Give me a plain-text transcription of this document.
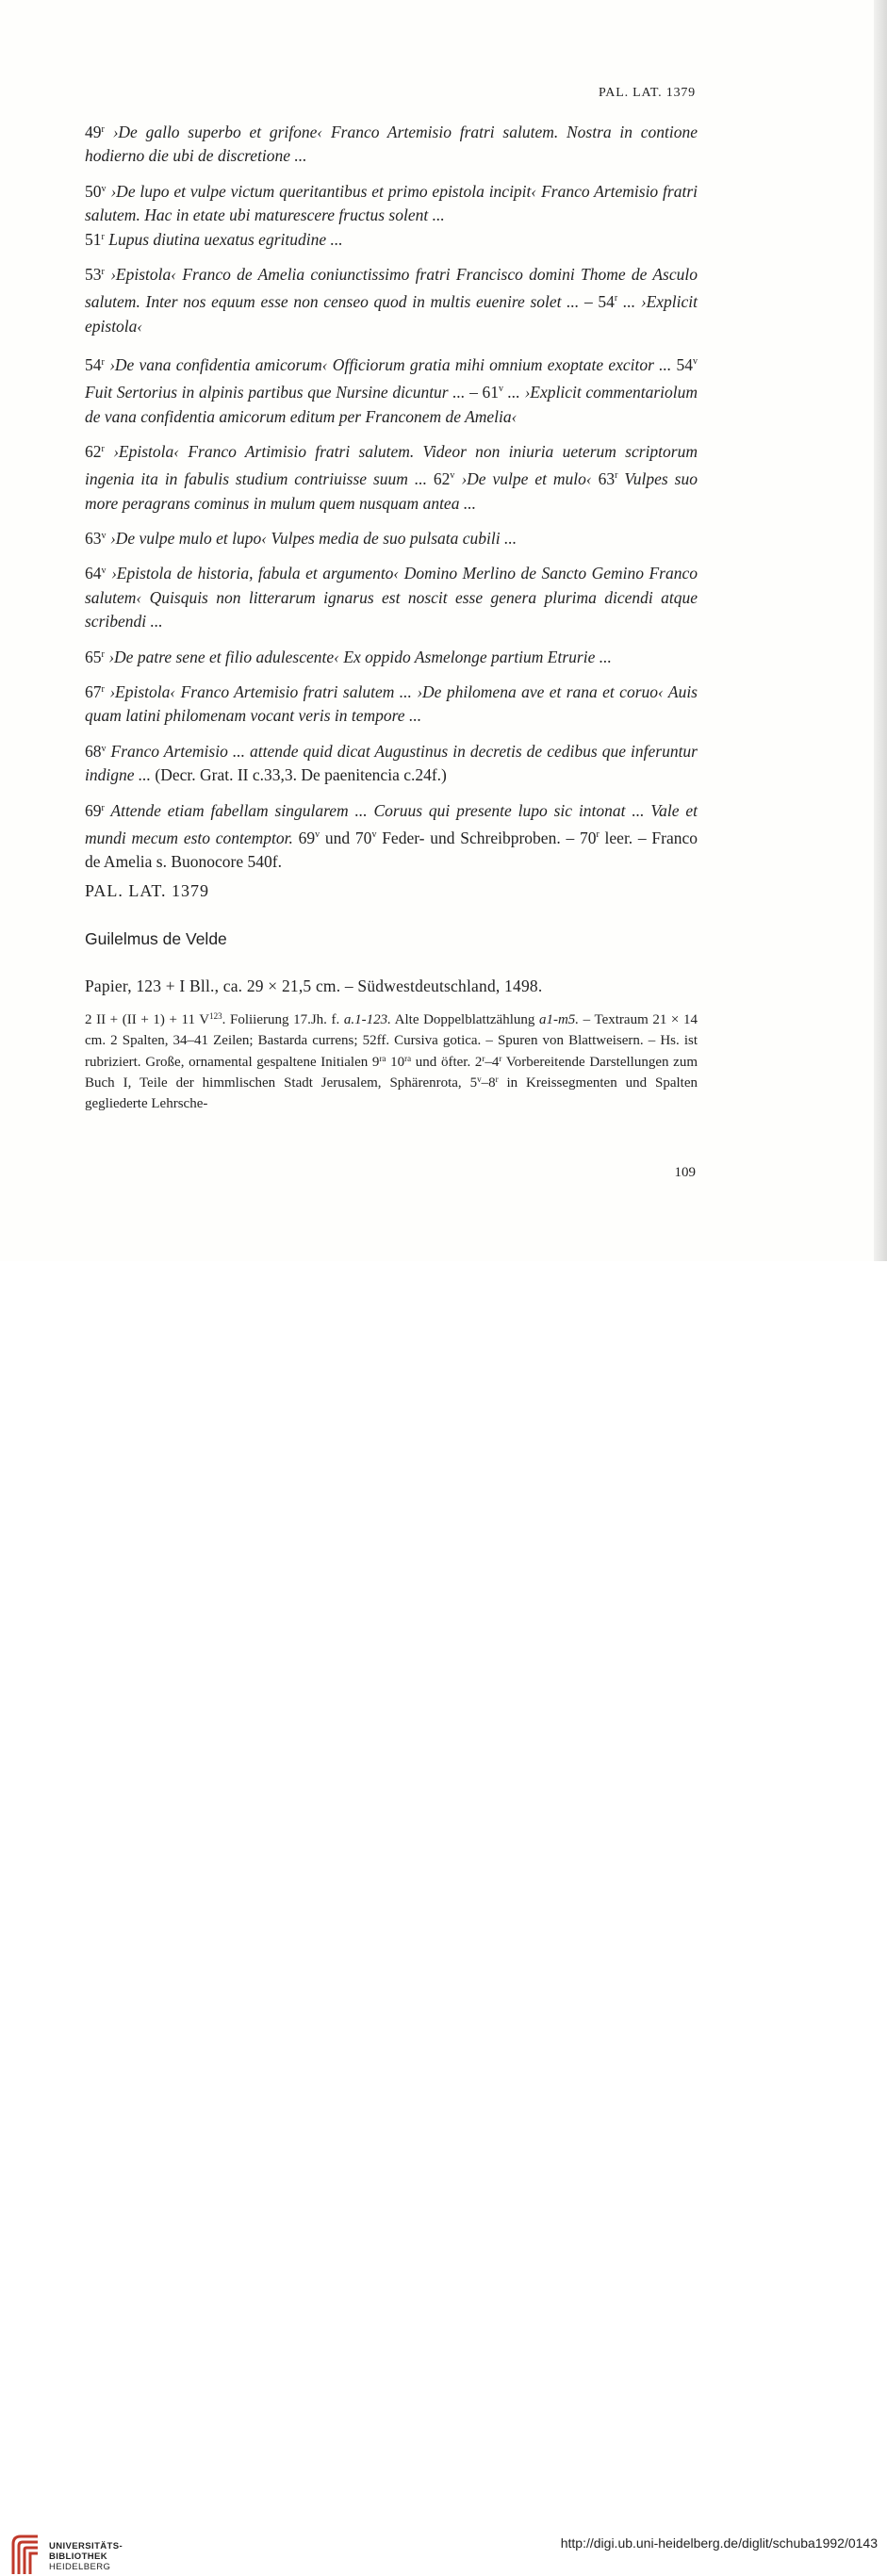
PAL. LAT. 1379

49$^r$ ›De gallo superbo et grifone‹ Franco Artemisio fratri salutem. Nostra in contione hodierno die ubi de discretione ...

50$^v$ ›De lupo et vulpe victum queritantibus et primo epistola incipit‹ Franco Artemisio fratri salutem. Hac in etate ubi maturescere fructus solent ...

51$^r$ Lupus diutina uexatus egritudine ...

53$^r$ ›Epistola‹ Franco de Amelia coniunctissimo fratri Francisco domini Thome de Asculo salutem. Inter nos equum esse non censeo quod in multis euenire solet ... – 54$^r$ ... ›Explicit epistola‹

54$^r$ ›De vana confidentia amicorum‹ Officiorum gratia mihi omnium exoptate excitor ... 54$^v$ Fuit Sertorius in alpinis partibus que Nursine dicuntur ... – 61$^v$ ... ›Explicit commentariolum de vana confidentia amicorum editum per Franconem de Amelia‹

62$^r$ ›Epistola‹ Franco Artimisio fratri salutem. Videor non iniuria ueterum scriptorum ingenia ita in fabulis studium contriuisse suum ... 62$^v$ ›De vulpe et mulo‹ 63$^r$ Vulpes suo more peragrans cominus in mulum quem nusquam antea ...

63$^v$ ›De vulpe mulo et lupo‹ Vulpes media de suo pulsata cubili ...

64$^v$ ›Epistola de historia, fabula et argumento‹ Domino Merlino de Sancto Gemino Franco salutem‹ Quisquis non litterarum ignarus est noscit esse genera plurima dicendi atque scribendi ...

65$^r$ ›De patre sene et filio adulescente‹ Ex oppido Asmelonge partium Etrurie ...

67$^r$ ›Epistola‹ Franco Artemisio fratri salutem ... ›De philomena ave et rana et coruo‹ Auis quam latini philomenam vocant veris in tempore ...

68$^v$ Franco Artemisio ... attende quid dicat Augustinus in decretis de cedibus que inferuntur indigne ... (Decr. Grat. II c.33,3. De paenitencia c.24f.)

69$^r$ Attende etiam fabellam singularem ... Coruus qui presente lupo sic intonat ... Vale et mundi mecum esto contemptor. 69$^v$ und 70$^v$ Feder- und Schreibproben. – 70$^r$ leer. – Franco de Amelia s. Buonocore 540f.

PAL. LAT. 1379
Guilelmus de Velde
Papier, 123 + I Bll., ca. 29 × 21,5 cm. – Südwestdeutschland, 1498.

2 II + (II + 1) + 11 $V^{123}$. Foliierung 17.Jh. f. a.1-123. Alte Doppelblattzählung a1-m5. – Textraum 21 × 14 cm. 2 Spalten, 34–41 Zeilen; Bastarda currens; 52ff. Cursiva gotica. – Spuren von Blattweisern. – Hs. ist rubriziert. Große, ornamental gespaltene Initialen $9^{ra}$ $10^{ra}$ und öfter. 2$^r$–4$^r$ Vorbereitende Darstellungen zum Buch I, Teile der himmlischen Stadt Jerusalem, Sphärenrota, 5$^v$–8$^r$ in Kreissegmenten und Spalten gegliederte Lehrsche-

109
UNIVERSITÄTS-
BIBLIOTHEK
HEIDELBERG
http://digi.ub.uni-heidelberg.de/diglit/schuba1992/0143
